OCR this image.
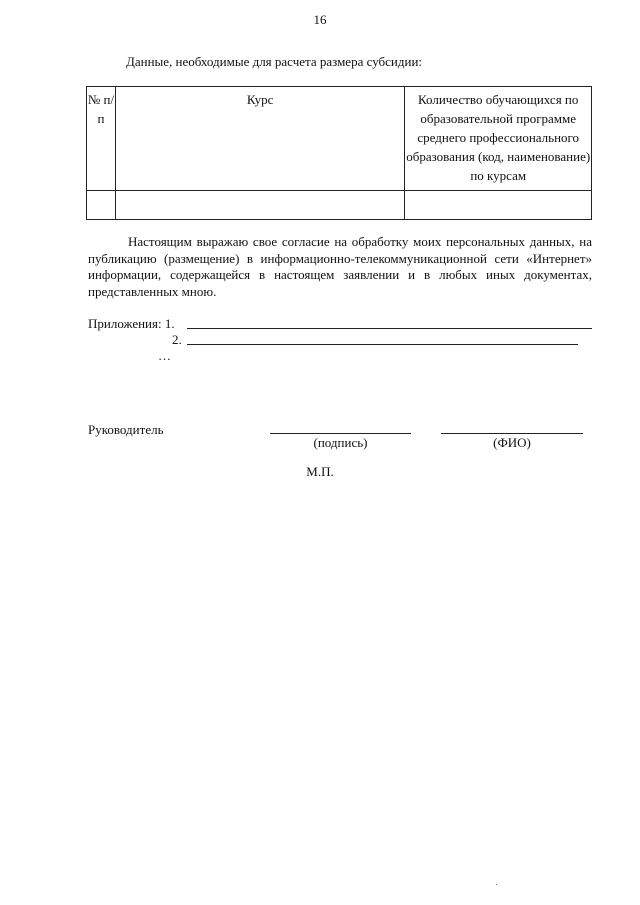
16
Данные, необходимые для расчета размера субсидии:
№ п/п	Курс	Количество обучающихся по образовательной программе среднего профессионального образования (код, наименование) по курсам

Настоящим выражаю свое согласие на обработку моих персональных данных, на публикацию (размещение) в информационно-телекоммуникационной сети «Интернет» информации, содержащейся в настоящем заявлении и в любых иных документах, представленных мною.

Приложения: 1.
2.
…
Руководитель
(подпись)	(ФИО)
М.П.
